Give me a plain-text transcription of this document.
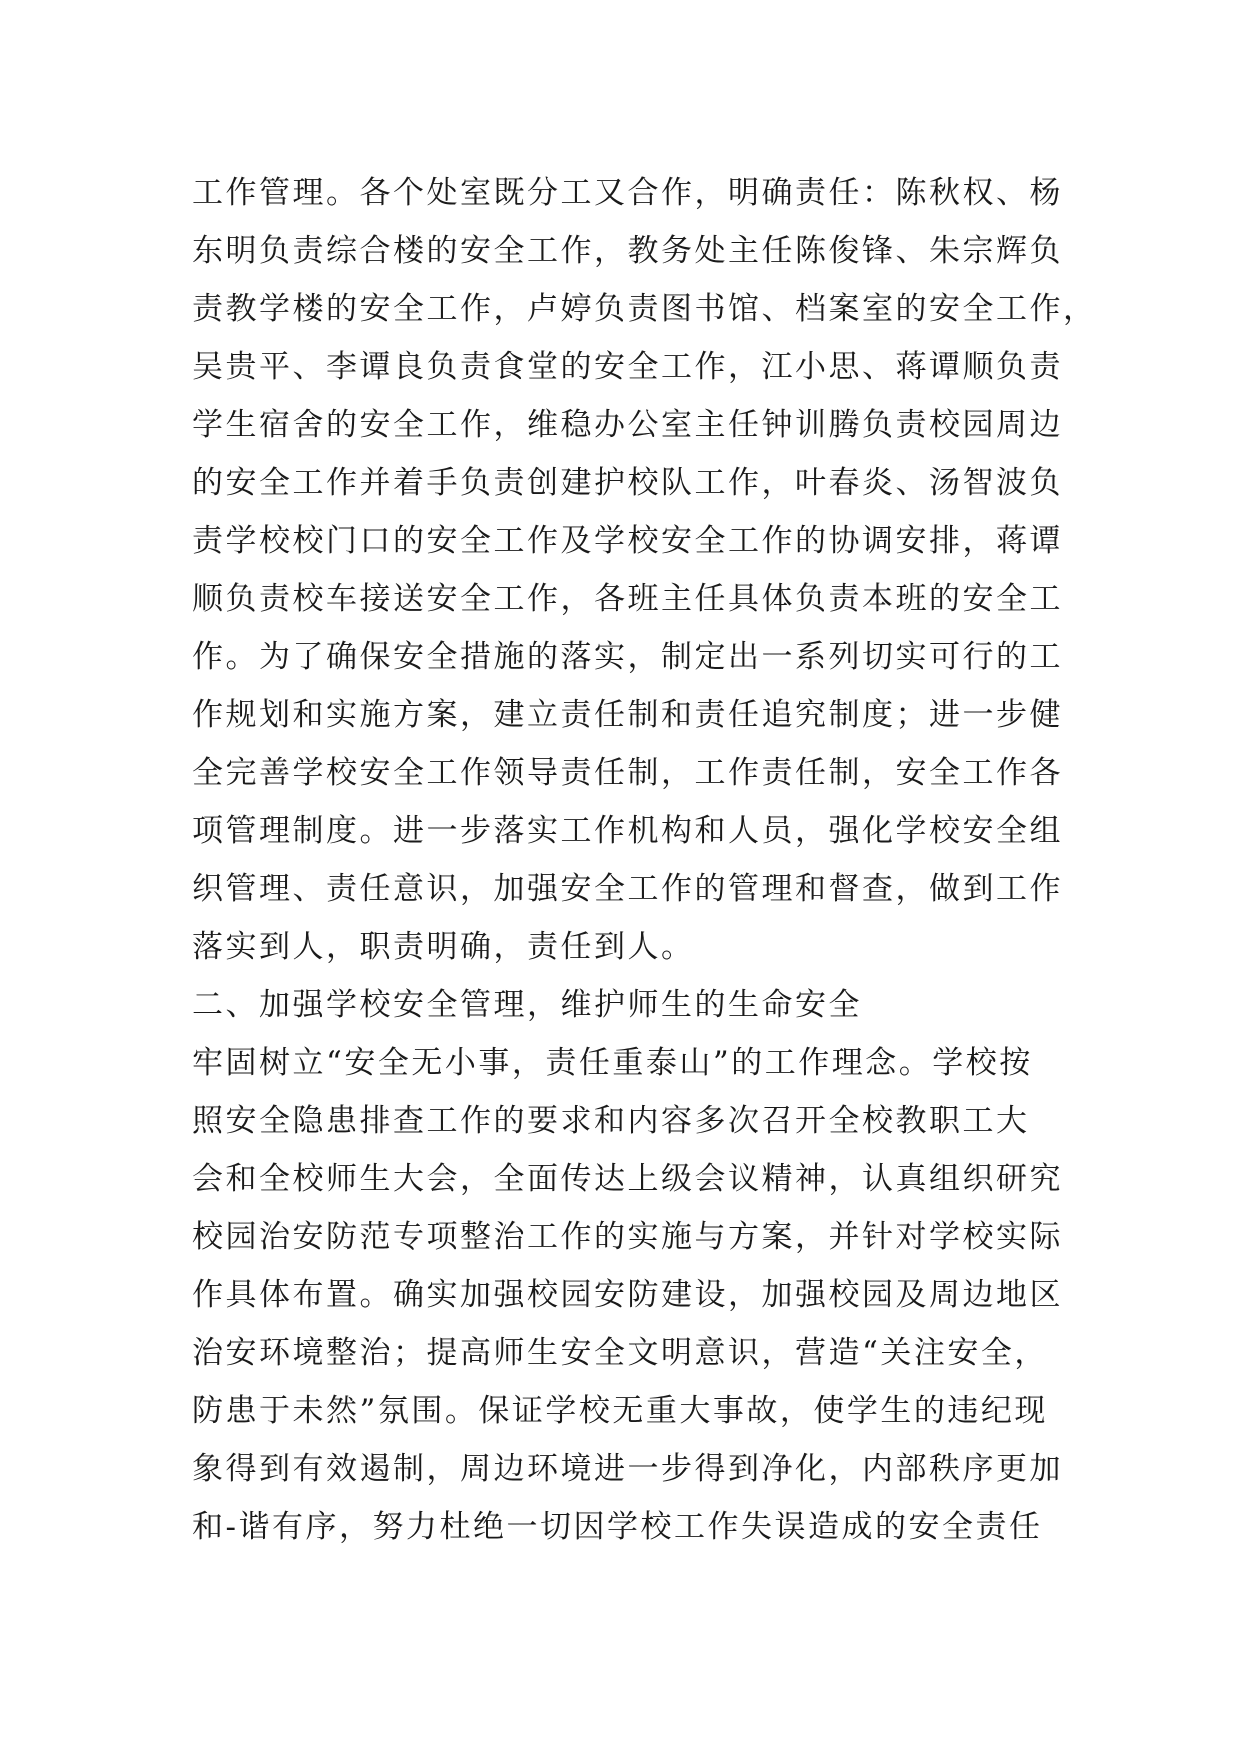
工作管理。各个处室既分工又合作，明确责任：陈秋权、杨
东明负责综合楼的安全工作，教务处主任陈俊锋、朱宗辉负
责教学楼的安全工作，卢婷负责图书馆、档案室的安全工作，
吴贵平、李谭良负责食堂的安全工作，江小思、蒋谭顺负责
学生宿舍的安全工作，维稳办公室主任钟训腾负责校园周边
的安全工作并着手负责创建护校队工作，叶春炎、汤智波负
责学校校门口的安全工作及学校安全工作的协调安排，蒋谭
顺负责校车接送安全工作，各班主任具体负责本班的安全工
作。为了确保安全措施的落实，制定出一系列切实可行的工
作规划和实施方案，建立责任制和责任追究制度；进一步健
全完善学校安全工作领导责任制，工作责任制，安全工作各
项管理制度。进一步落实工作机构和人员，强化学校安全组
织管理、责任意识，加强安全工作的管理和督查，做到工作
落实到人，职责明确，责任到人。
二、加强学校安全管理，维护师生的生命安全
牢固树立“安全无小事，责任重泰山”的工作理念。学校按
照安全隐患排查工作的要求和内容多次召开全校教职工大
会和全校师生大会，全面传达上级会议精神，认真组织研究
校园治安防范专项整治工作的实施与方案，并针对学校实际
作具体布置。确实加强校园安防建设，加强校园及周边地区
治安环境整治；提高师生安全文明意识，营造“关注安全，
防患于未然”氛围。保证学校无重大事故，使学生的违纪现
象得到有效遏制，周边环境进一步得到净化，内部秩序更加
和-谐有序，努力杜绝一切因学校工作失误造成的安全责任
